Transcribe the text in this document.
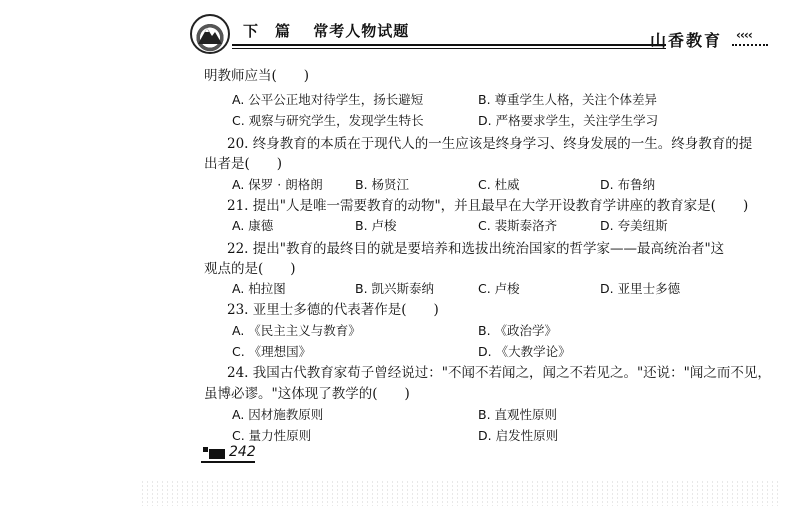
下　篇 常考人物试题	山香教育 ‹‹‹‹
明教师应当(　　)
A. 公平公正地对待学生，扬长避短	B. 尊重学生人格，关注个体差异
C. 观察与研究学生，发现学生特长	D. 严格要求学生，关注学生学习
20. 终身教育的本质在于现代人的一生应该是终身学习、终身发展的一生。终身教育的提
出者是(　　)
A. 保罗 · 朗格朗	B. 杨贤江	C. 杜威	D. 布鲁纳
21. 提出"人是唯一需要教育的动物"，并且最早在大学开设教育学讲座的教育家是(　　)
A. 康德	B. 卢梭	C. 裴斯泰洛齐	D. 夸美纽斯
22. 提出"教育的最终目的就是要培养和选拔出统治国家的哲学家——最高统治者"这
观点的是(　　)
A. 柏拉图	B. 凯兴斯泰纳	C. 卢梭	D. 亚里士多德
23. 亚里士多德的代表著作是(　　)
A. 《民主主义与教育》	B. 《政治学》
C. 《理想国》	D. 《大教学论》
24. 我国古代教育家荀子曾经说过："不闻不若闻之，闻之不若见之。"还说："闻之而不见，
虽博必谬。"这体现了教学的(　　)
A. 因材施教原则	B. 直观性原则
C. 量力性原则	D. 启发性原则
242
